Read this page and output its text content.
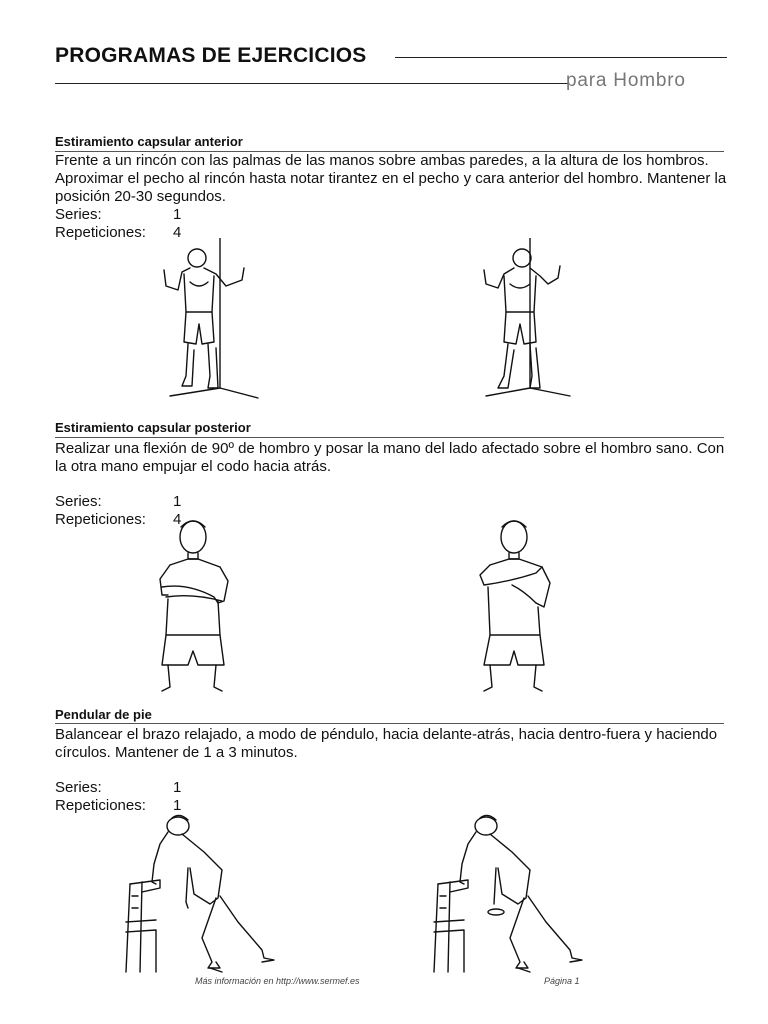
PROGRAMAS DE EJERCICIOS
para Hombro
Estiramiento capsular anterior
Frente a un rincón con las palmas de las manos sobre ambas paredes, a la altura de los hombros. Aproximar el pecho al rincón hasta notar tirantez en el pecho y cara anterior del hombro. Mantener la posición 20-30 segundos.
Series:	1
Repeticiones: 4
Estiramiento capsular posterior
Realizar una flexión de 90º de hombro y posar la mano del lado afectado sobre el hombro sano. Con la otra mano empujar el codo hacia atrás.
Series:	1
Repeticiones: 4
Pendular de pie
Balancear el brazo relajado, a modo de péndulo, hacia delante-atrás, hacia dentro-fuera y haciendo círculos. Mantener de 1 a 3 minutos.
Series:	1
Repeticiones: 1
Más información en http://www.sermef.es	Página 1
